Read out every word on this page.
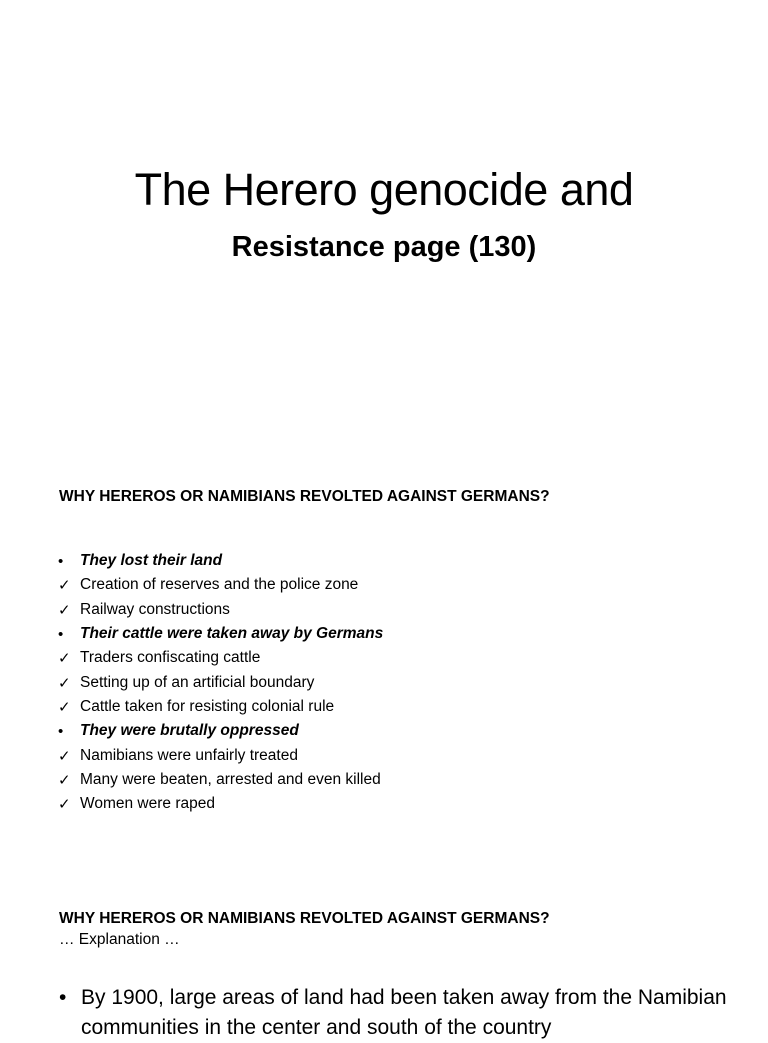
The Herero genocide and
Resistance page (130)
WHY HEREROS OR NAMIBIANS REVOLTED AGAINST GERMANS?
•	They lost their land
✓ Creation of reserves and the police zone
✓ Railway constructions
•	Their cattle were taken away by Germans
✓ Traders confiscating cattle
✓ Setting up of an artificial boundary
✓ Cattle taken for resisting colonial rule
•	They were brutally oppressed
✓ Namibians were unfairly treated
✓ Many were beaten, arrested and even killed
✓ Women were raped
WHY HEREROS OR NAMIBIANS REVOLTED AGAINST GERMANS?
… Explanation …
• By 1900, large areas of land had been taken away from the Namibian communities in the center and south of the country
